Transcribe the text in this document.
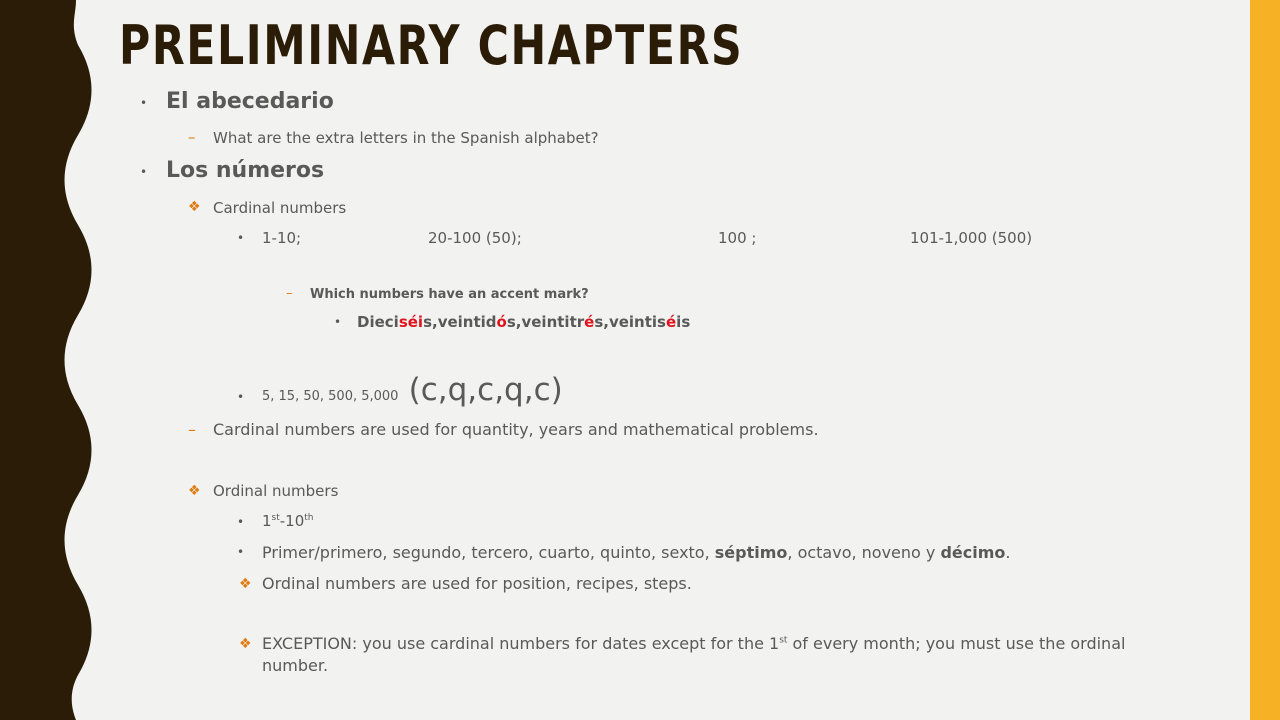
PRELIMINARY CHAPTERS
• El abecedario
– What are the extra letters in the Spanish alphabet?
• Los números
❖ Cardinal numbers
• 1-10;	20-100 (50);	100 ;	101-1,000 (500)
– Which numbers have an accent mark?
• Dieciséis,veintidós,veintitrés,veintiséis
• 5, 15, 50, 500, 5,000 (c,q,c,q,c)
– Cardinal numbers are used for quantity, years and mathematical problems.
❖ Ordinal numbers
• 1st-10th
• Primer/primero, segundo, tercero, cuarto, quinto, sexto, séptimo, octavo, noveno y décimo.
❖ Ordinal numbers are used for position, recipes, steps.
❖ EXCEPTION: you use cardinal numbers for dates except for the 1st of every month; you must use the ordinal
number.
